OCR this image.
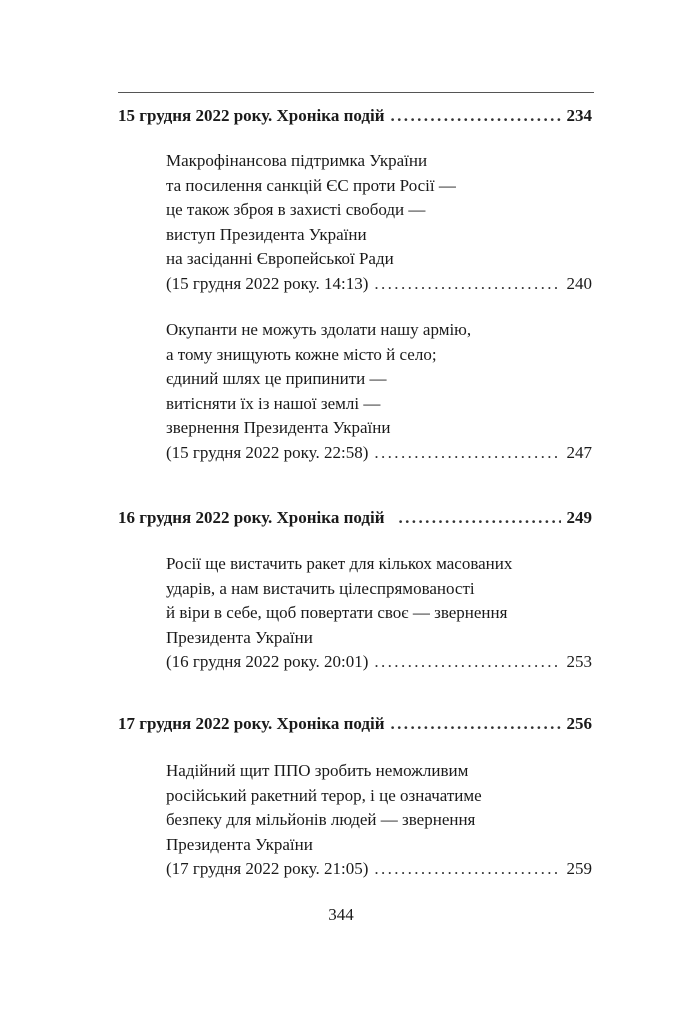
15 грудня 2022 року. Хроніка подій .....	234
Макрофінансова підтримка України
та посилення санкцій ЄС проти Росії —
це також зброя в захисті свободи —
виступ Президента України
на засіданні Європейської Ради
(15 грудня 2022 року. 14:13) .....	240
Окупанти не можуть здолати нашу армію,
а тому знищують кожне місто й село;
єдиний шлях це припинити —
витісняти їх із нашої землі —
звернення Президента України
(15 грудня 2022 року. 22:58) .....	247
16 грудня 2022 року. Хроніка подій .....	249
Росії ще вистачить ракет для кількох масованих
ударів, а нам вистачить цілеспрямованості
й віри в себе, щоб повертати своє — звернення
Президента України
(16 грудня 2022 року. 20:01) .....	253
17 грудня 2022 року. Хроніка подій .....	256
Надійний щит ППО зробить неможливим
російський ракетний терор, і це означатиме
безпеку для мільйонів людей — звернення
Президента України
(17 грудня 2022 року. 21:05) .....	259
344
